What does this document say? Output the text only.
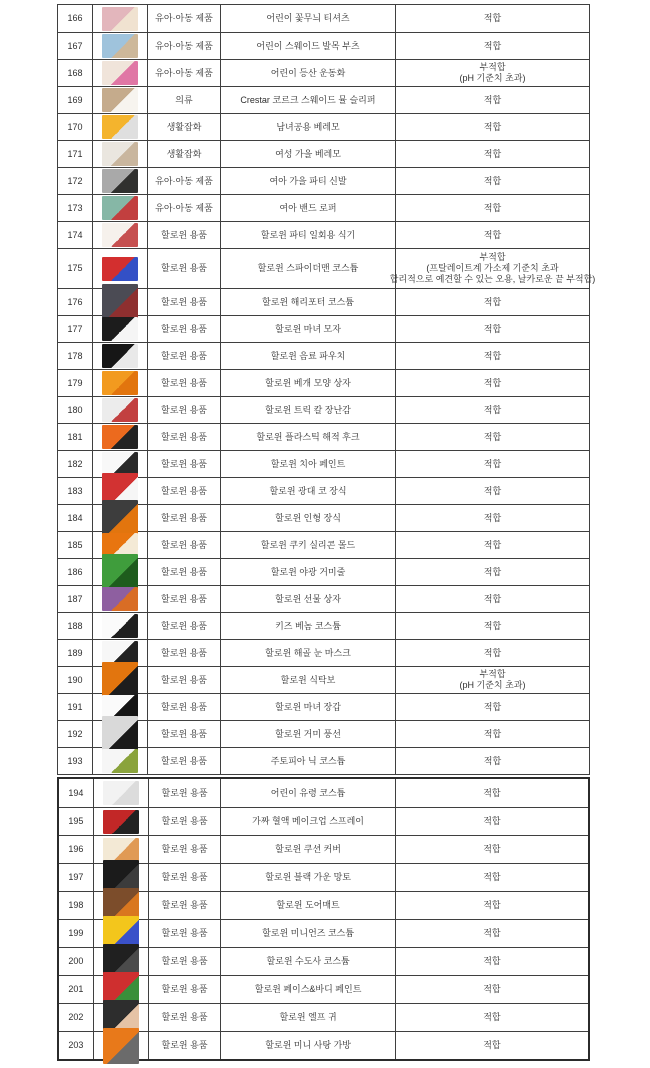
166	유아·아동 제품	어린이 꽃무늬 티셔츠	적합
167	유아·아동 제품	어린이 스웨이드 발목 부츠	적합
168	유아·아동 제품	어린이 등산 운동화
부적합
(pH 기준치 초과)
169	의류	Crestar 코르크 스웨이드 뮬 슬리퍼	적합
170	생활잡화	남녀공용 베레모	적합
171	생활잡화	여성 가을 베레모	적합
172	유아·아동 제품	여아 가을 파티 신발	적합
173	유아·아동 제품	여아 밴드 로퍼	적합
174	할로윈 용품	할로윈 파티 일회용 식기	적합
175	할로윈 용품	할로윈 스파이더맨 코스튬
부적합
(프탈레이트계 가소제 기준치 초과
합리적으로 예견할 수 있는 오용, 날카로운 끝 부적합)
176	할로윈 용품	할로윈 해리포터 코스튬	적합
177	할로윈 용품	할로윈 마녀 모자	적합
178	할로윈 용품	할로윈 음료 파우치	적합
179	할로윈 용품	할로윈 베개 모양 상자	적합
180	할로윈 용품	할로윈 트릭 칼 장난감	적합
181	할로윈 용품	할로윈 플라스틱 해적 후크	적합
182	할로윈 용품	할로윈 치아 페인트	적합
183	할로윈 용품	할로윈 광대 코 장식	적합
184	할로윈 용품	할로윈 인형 장식	적합
185	할로윈 용품	할로윈 쿠키 실리콘 몰드	적합
186	할로윈 용품	할로윈 야광 거미줄	적합
187	할로윈 용품	할로윈 선물 상자	적합
188	할로윈 용품	키즈 베놈 코스튬	적합
189	할로윈 용품	할로윈 해골 눈 마스크	적합
190	할로윈 용품	할로윈 식탁보
부적합
(pH 기준치 초과)
191	할로윈 용품	할로윈 마녀 장갑	적합
192	할로윈 용품	할로윈 거미 풍선	적합
193	할로윈 용품	주토피아 닉 코스튬	적합
194	할로윈 용품	어린이 유령 코스튬	적합
195	할로윈 용품	가짜 혈액 메이크업 스프레이	적합
196	할로윈 용품	할로윈 쿠션 커버	적합
197	할로윈 용품	할로윈 블랙 가운 망토	적합
198	할로윈 용품	할로윈 도어매트	적합
199	할로윈 용품	할로윈 미니언즈 코스튬	적합
200	할로윈 용품	할로윈 수도사 코스튬	적합
201	할로윈 용품	할로윈 페이스&바디 페인트	적합
202	할로윈 용품	할로윈 엘프 귀	적합
203	할로윈 용품	할로윈 미니 사탕 가방	적합
